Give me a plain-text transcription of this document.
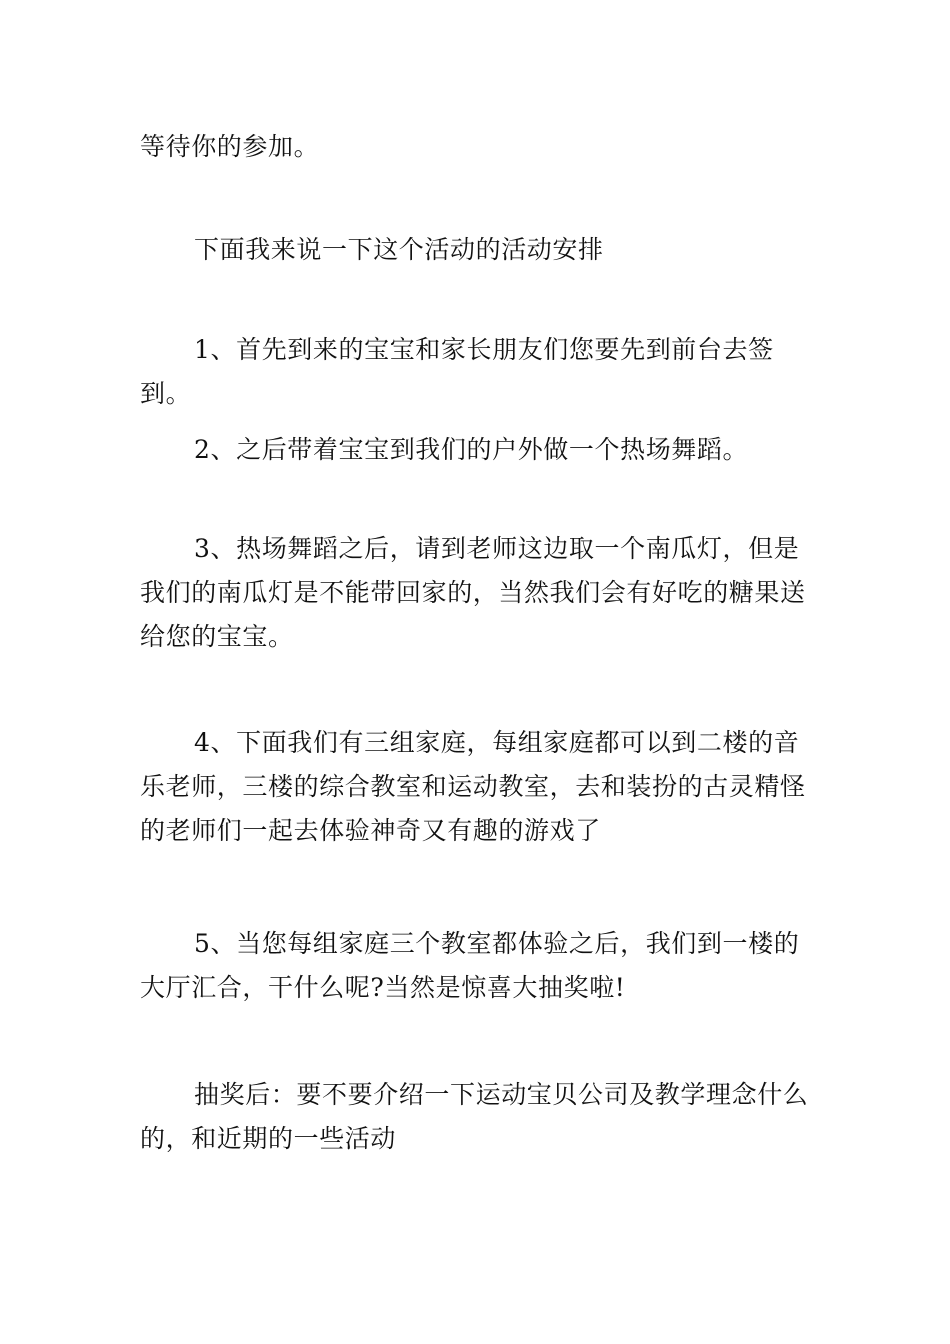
等待你的参加。

下面我来说一下这个活动的活动安排

1、首先到来的宝宝和家长朋友们您要先到前台去签到。

2、之后带着宝宝到我们的户外做一个热场舞蹈。

3、热场舞蹈之后，请到老师这边取一个南瓜灯，但是我们的南瓜灯是不能带回家的，当然我们会有好吃的糖果送给您的宝宝。

4、下面我们有三组家庭，每组家庭都可以到二楼的音乐老师，三楼的综合教室和运动教室，去和装扮的古灵精怪的老师们一起去体验神奇又有趣的游戏了

5、当您每组家庭三个教室都体验之后，我们到一楼的大厅汇合，干什么呢?当然是惊喜大抽奖啦!

抽奖后：要不要介绍一下运动宝贝公司及教学理念什么的，和近期的一些活动
